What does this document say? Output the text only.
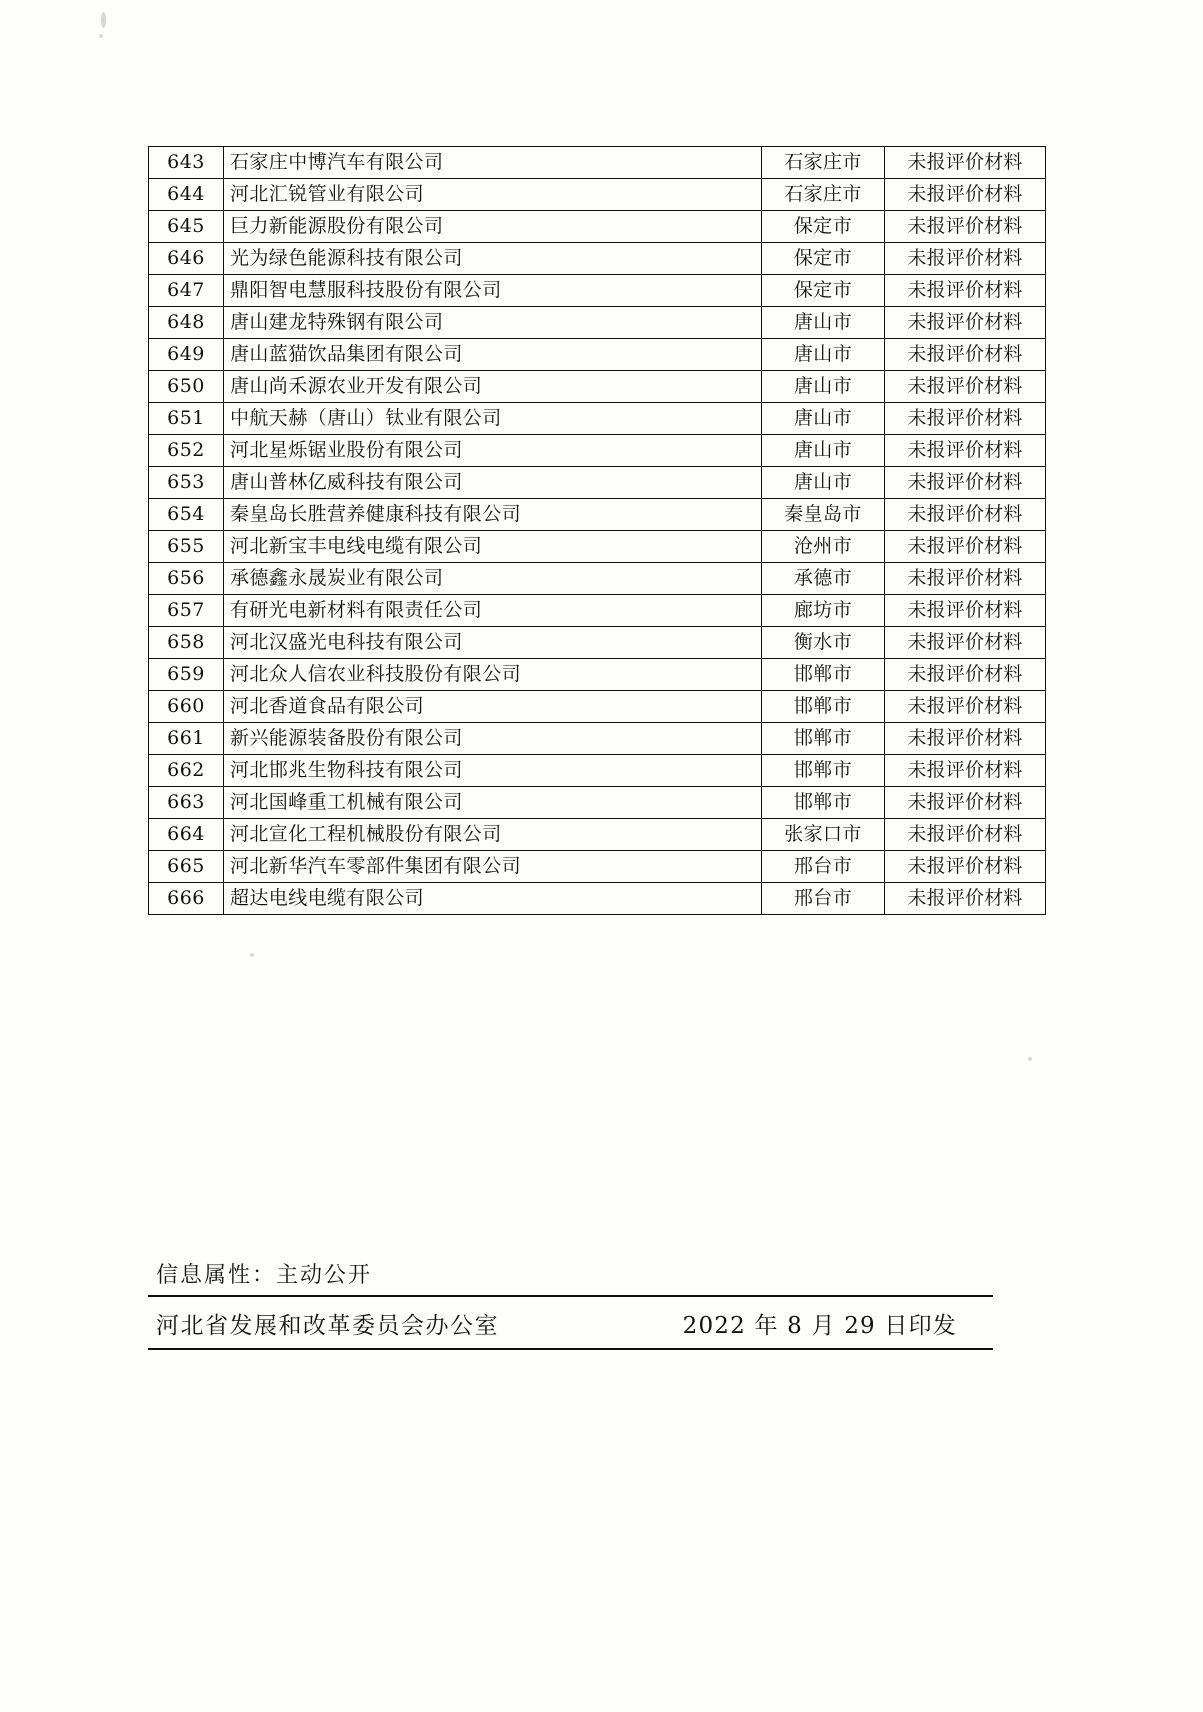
643	石家庄中博汽车有限公司	石家庄市	未报评价材料
644	河北汇锐管业有限公司	石家庄市	未报评价材料
645	巨力新能源股份有限公司	保定市	未报评价材料
646	光为绿色能源科技有限公司	保定市	未报评价材料
647	鼎阳智电慧服科技股份有限公司	保定市	未报评价材料
648	唐山建龙特殊钢有限公司	唐山市	未报评价材料
649	唐山蓝猫饮品集团有限公司	唐山市	未报评价材料
650	唐山尚禾源农业开发有限公司	唐山市	未报评价材料
651	中航天赫（唐山）钛业有限公司	唐山市	未报评价材料
652	河北星烁锯业股份有限公司	唐山市	未报评价材料
653	唐山普林亿威科技有限公司	唐山市	未报评价材料
654	秦皇岛长胜营养健康科技有限公司	秦皇岛市	未报评价材料
655	河北新宝丰电线电缆有限公司	沧州市	未报评价材料
656	承德鑫永晟炭业有限公司	承德市	未报评价材料
657	有研光电新材料有限责任公司	廊坊市	未报评价材料
658	河北汉盛光电科技有限公司	衡水市	未报评价材料
659	河北众人信农业科技股份有限公司	邯郸市	未报评价材料
660	河北香道食品有限公司	邯郸市	未报评价材料
661	新兴能源装备股份有限公司	邯郸市	未报评价材料
662	河北邯兆生物科技有限公司	邯郸市	未报评价材料
663	河北国峰重工机械有限公司	邯郸市	未报评价材料
664	河北宣化工程机械股份有限公司	张家口市	未报评价材料
665	河北新华汽车零部件集团有限公司	邢台市	未报评价材料
666	超达电线电缆有限公司	邢台市	未报评价材料
信息属性：主动公开
河北省发展和改革委员会办公室	2022 年 8 月 29 日印发
